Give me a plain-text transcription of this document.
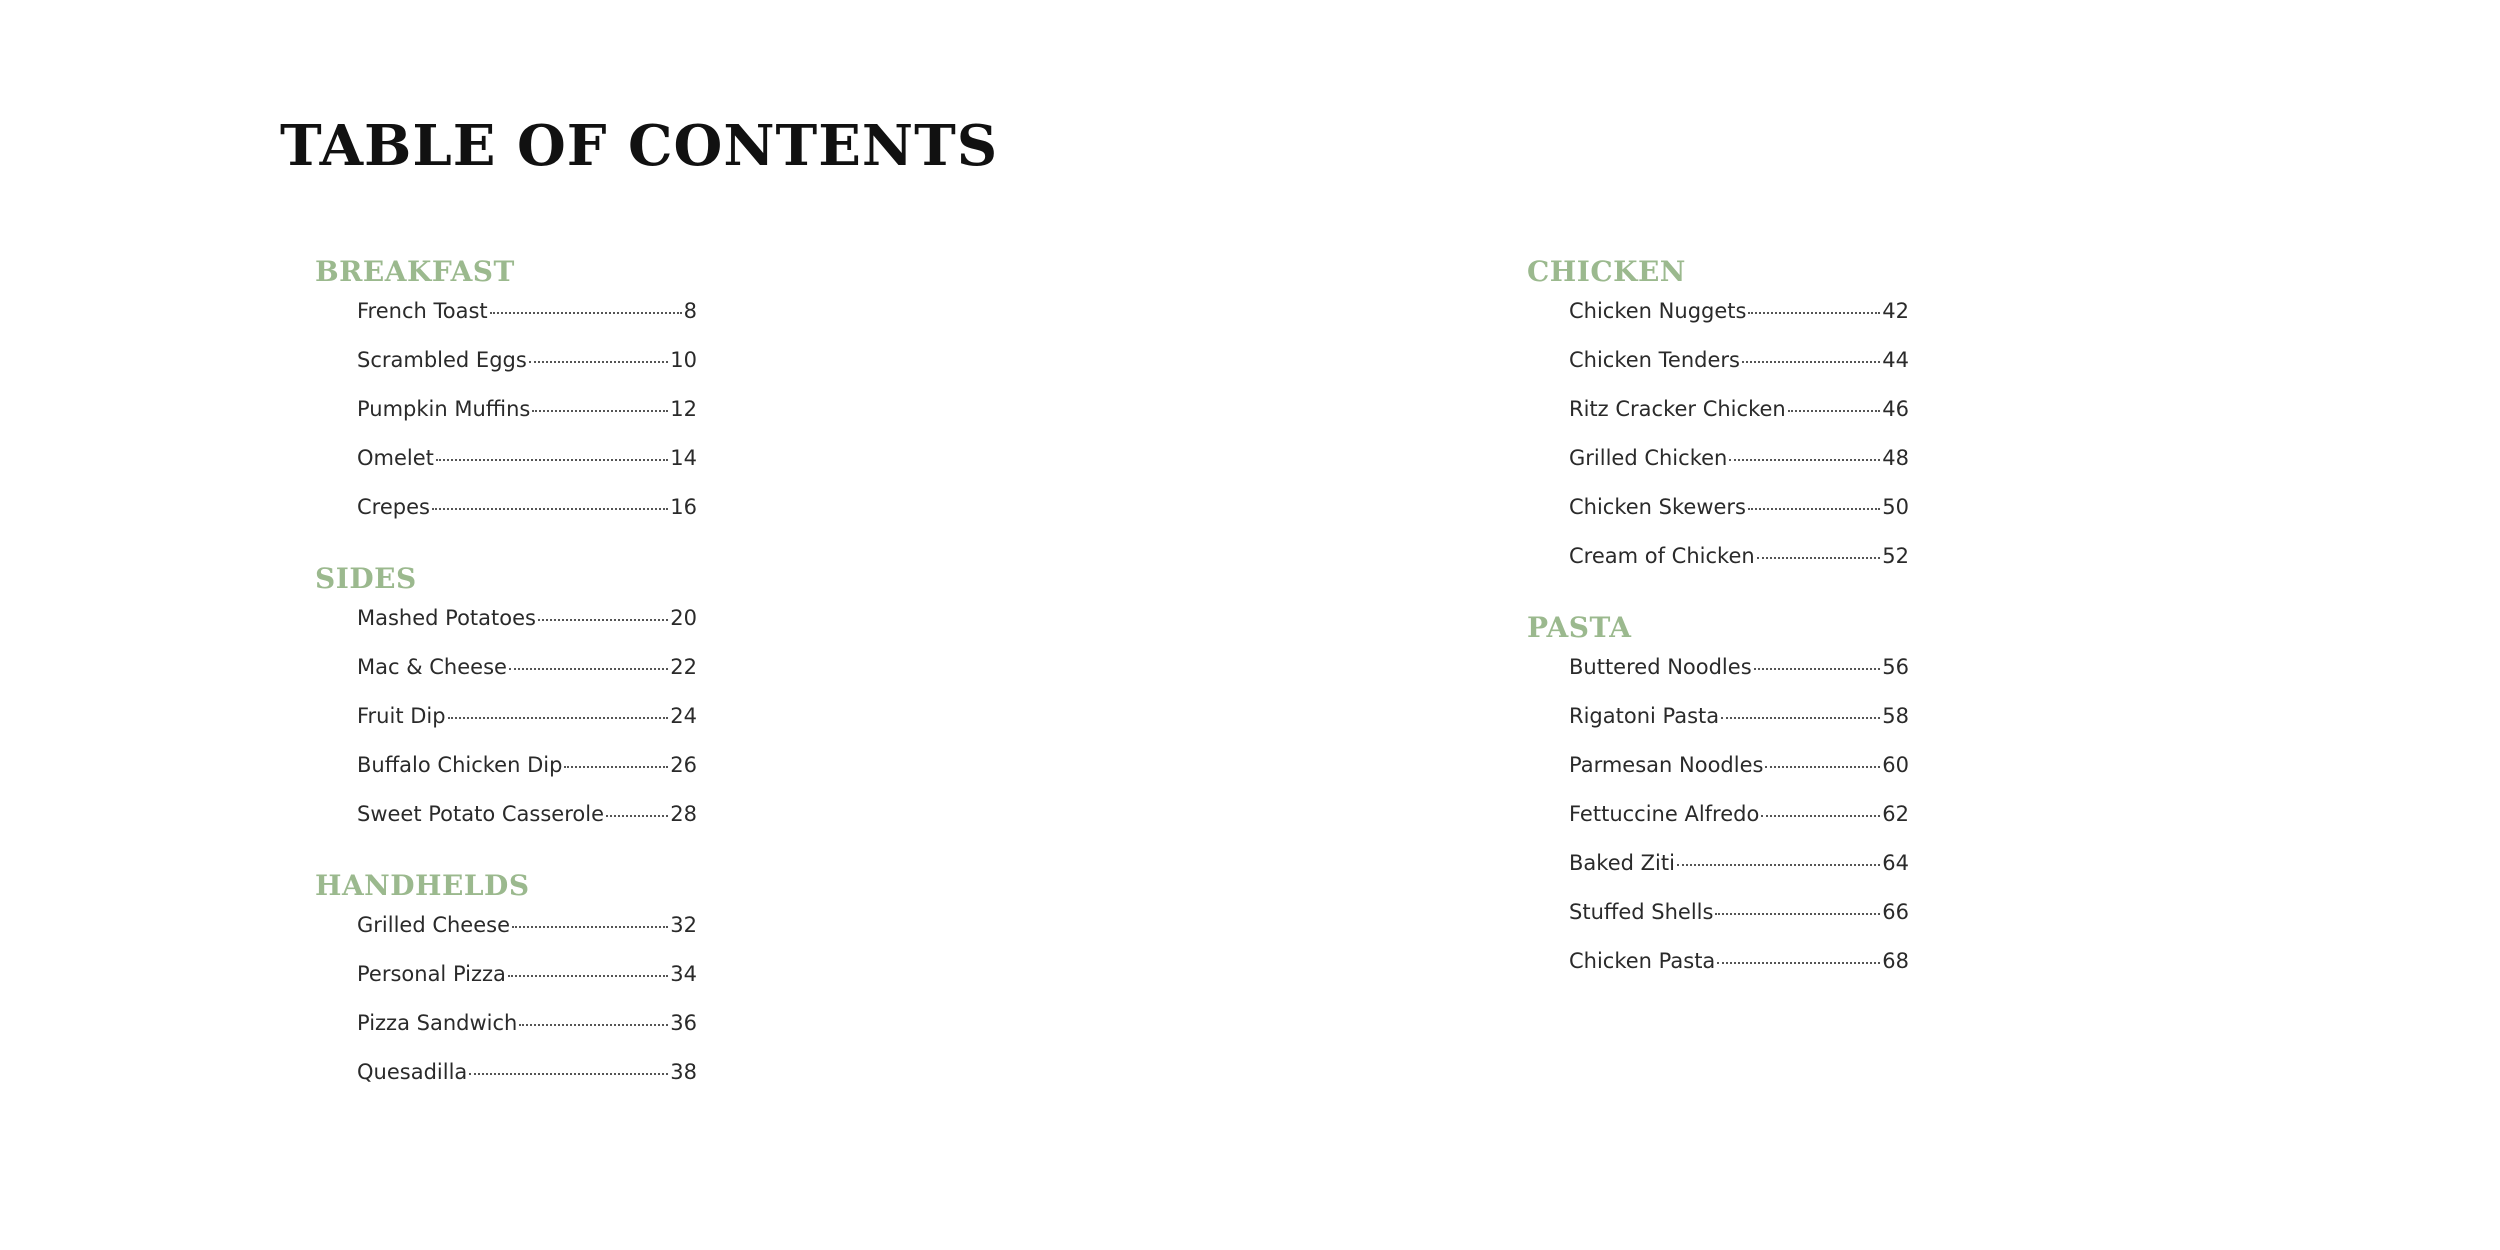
TABLE OF CONTENTS
BREAKFAST
French Toast	8
Scrambled Eggs	10
Pumpkin Muffins	12
Omelet	14
Crepes	16
SIDES
Mashed Potatoes	20
Mac & Cheese	22
Fruit Dip	24
Buffalo Chicken Dip	26
Sweet Potato Casserole	28
HANDHELDS
Grilled Cheese	32
Personal Pizza	34
Pizza Sandwich	36
Quesadilla	38
CHICKEN
Chicken Nuggets	42
Chicken Tenders	44
Ritz Cracker Chicken	46
Grilled Chicken	48
Chicken Skewers	50
Cream of Chicken	52
PASTA
Buttered Noodles	56
Rigatoni Pasta	58
Parmesan Noodles	60
Fettuccine Alfredo	62
Baked Ziti	64
Stuffed Shells	66
Chicken Pasta	68
